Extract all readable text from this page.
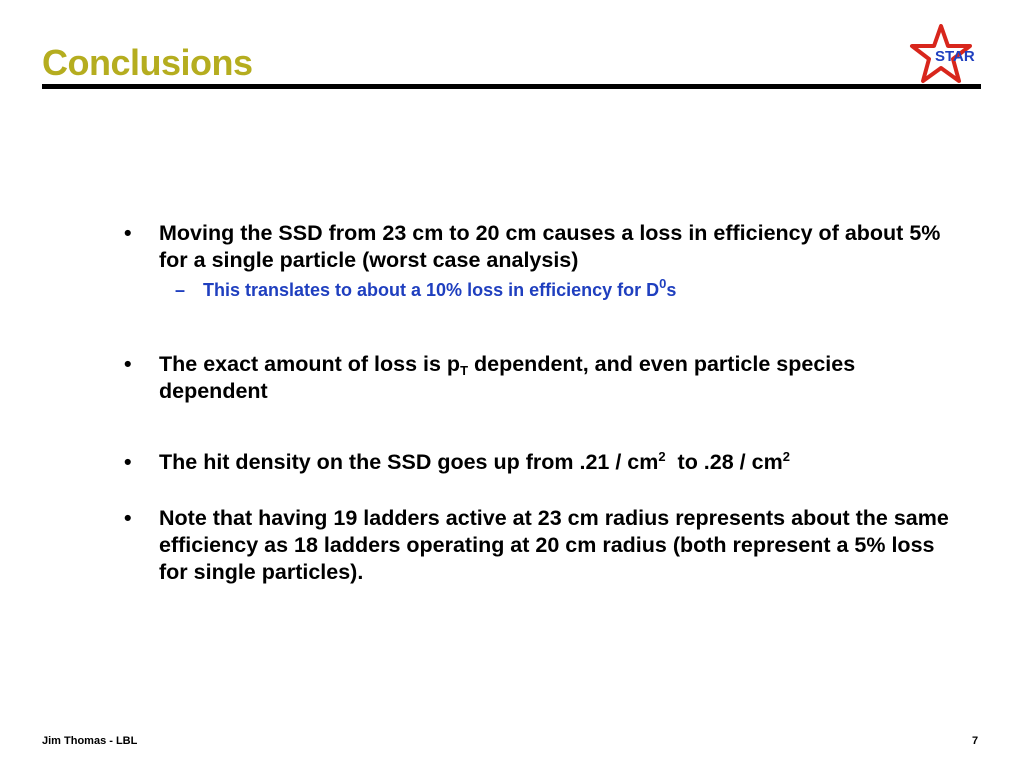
Conclusions	STAR
•	Moving the SSD from 23 cm to 20 cm causes a loss in efficiency of about 5% for a single particle (worst case analysis)
– This translates to about a 10% loss in efficiency for $D^0s$
•	The exact amount of loss is $p_T$ dependent, and even particle species dependent
•	The hit density on the SSD goes up from $.21 / cm^2$  to $.28 / cm^2$
•	Note that having 19 ladders active at 23 cm radius represents about the same efficiency as 18 ladders operating at 20 cm radius (both represent a 5% loss for single particles).
Jim Thomas - LBL	7
